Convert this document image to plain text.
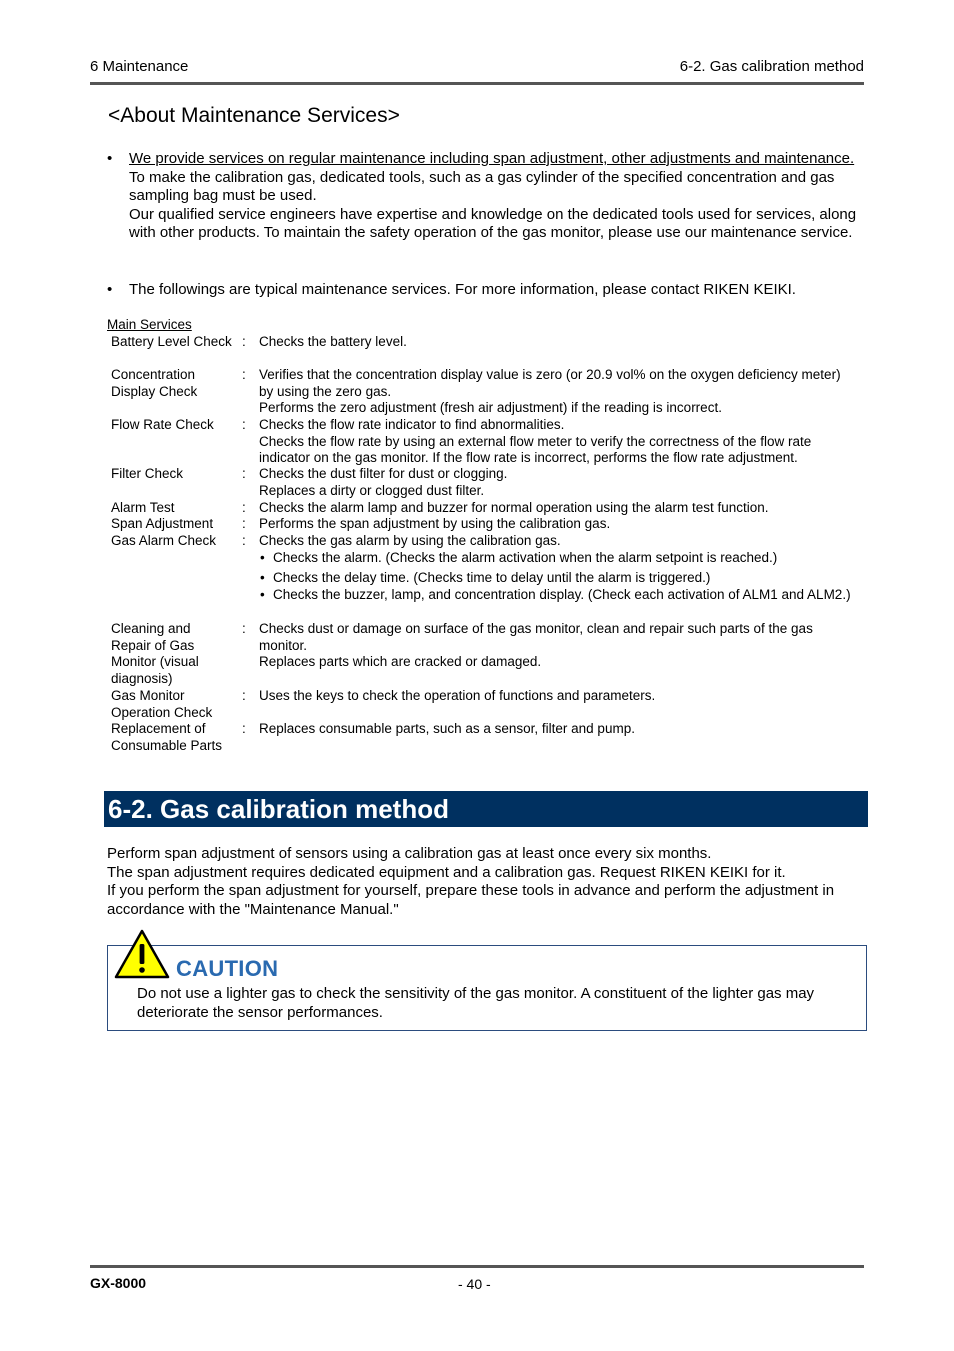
6 Maintenance	6-2. Gas calibration method
<About Maintenance Services>
• We provide services on regular maintenance including span adjustment, other adjustments and maintenance.
To make the calibration gas, dedicated tools, such as a gas cylinder of the specified concentration and gas sampling bag must be used.
Our qualified service engineers have expertise and knowledge on the dedicated tools used for services, along with other products. To maintain the safety operation of the gas monitor, please use our maintenance service.
• The followings are typical maintenance services. For more information, please contact RIKEN KEIKI.
Main Services
Battery Level Check : Checks the battery level.
Concentration Display Check
: Verifies that the concentration display value is zero (or 20.9 vol% on the oxygen deficiency meter) by using the zero gas.
Performs the zero adjustment (fresh air adjustment) if the reading is incorrect.
Flow Rate Check	: Checks the flow rate indicator to find abnormalities.
Checks the flow rate by using an external flow meter to verify the correctness of the flow rate indicator on the gas monitor. If the flow rate is incorrect, performs the flow rate adjustment.
Filter Check	: Checks the dust filter for dust or clogging.
Replaces a dirty or clogged dust filter.
Alarm Test	: Checks the alarm lamp and buzzer for normal operation using the alarm test function.
Span Adjustment	: Performs the span adjustment by using the calibration gas.
Gas Alarm Check	: Checks the gas alarm by using the calibration gas.
• Checks the alarm. (Checks the alarm activation when the alarm setpoint is reached.)
• Checks the delay time. (Checks time to delay until the alarm is triggered.)
• Checks the buzzer, lamp, and concentration display. (Check each activation of ALM1 and ALM2.)
Cleaning and Repair of Gas Monitor (visual diagnosis)
: Checks dust or damage on surface of the gas monitor, clean and repair such parts of the gas monitor.
Replaces parts which are cracked or damaged.
Gas Monitor Operation Check
: Uses the keys to check the operation of functions and parameters.
Replacement of Consumable Parts
: Replaces consumable parts, such as a sensor, filter and pump.
6-2. Gas calibration method
Perform span adjustment of sensors using a calibration gas at least once every six months.
The span adjustment requires dedicated equipment and a calibration gas. Request RIKEN KEIKI for it.
If you perform the span adjustment for yourself, prepare these tools in advance and perform the adjustment in accordance with the "Maintenance Manual."
CAUTION
Do not use a lighter gas to check the sensitivity of the gas monitor. A constituent of the lighter gas may deteriorate the sensor performances.
GX-8000	- 40 -
